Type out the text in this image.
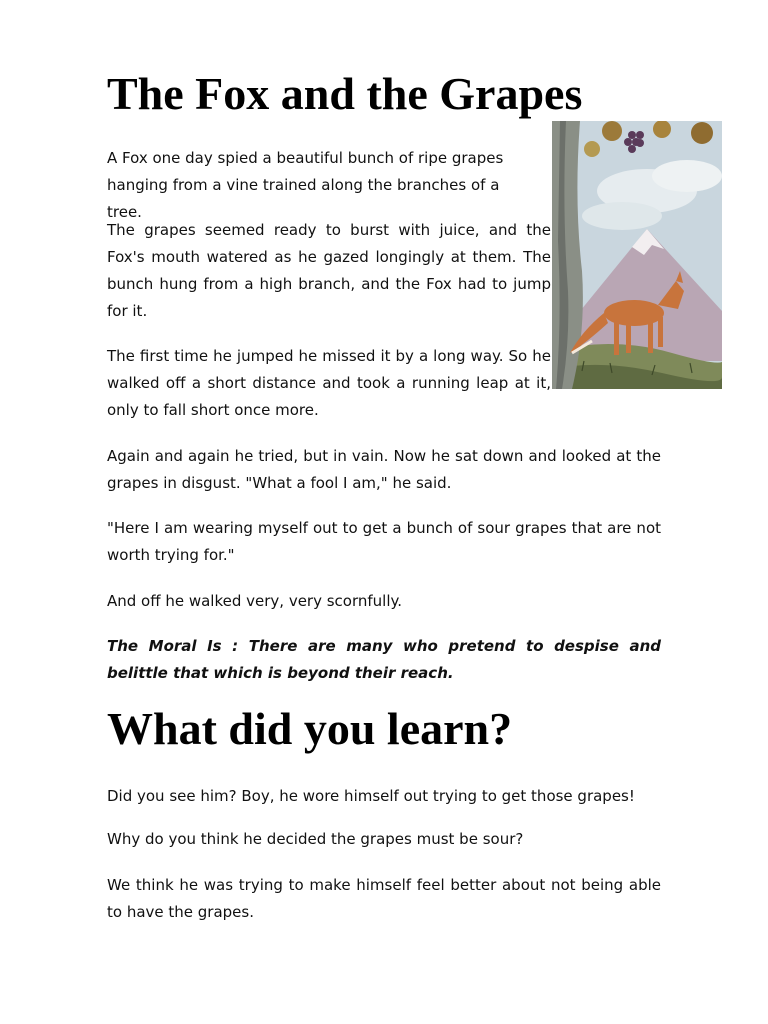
The Fox and the Grapes

A Fox one day spied a beautiful bunch of ripe grapes hanging from a vine trained along the branches of a tree.

The grapes seemed ready to burst with juice, and the Fox's mouth watered as he gazed longingly at them. The bunch hung from a high branch, and the Fox had to jump for it.

The first time he jumped he missed it by a long way. So he walked off a short distance and took a running leap at it, only to fall short once more.

Again and again he tried, but in vain. Now he sat down and looked at the grapes in disgust. "What a fool I am," he said.

"Here I am wearing myself out to get a bunch of sour grapes that are not worth trying for."

And off he walked very, very scornfully.

The Moral Is : There are many who pretend to despise and belittle that which is beyond their reach.

What did you learn?

Did you see him? Boy, he wore himself out trying to get those grapes!

Why do you think he decided the grapes must be sour?

We think he was trying to make himself feel better about not being able to have the grapes.
